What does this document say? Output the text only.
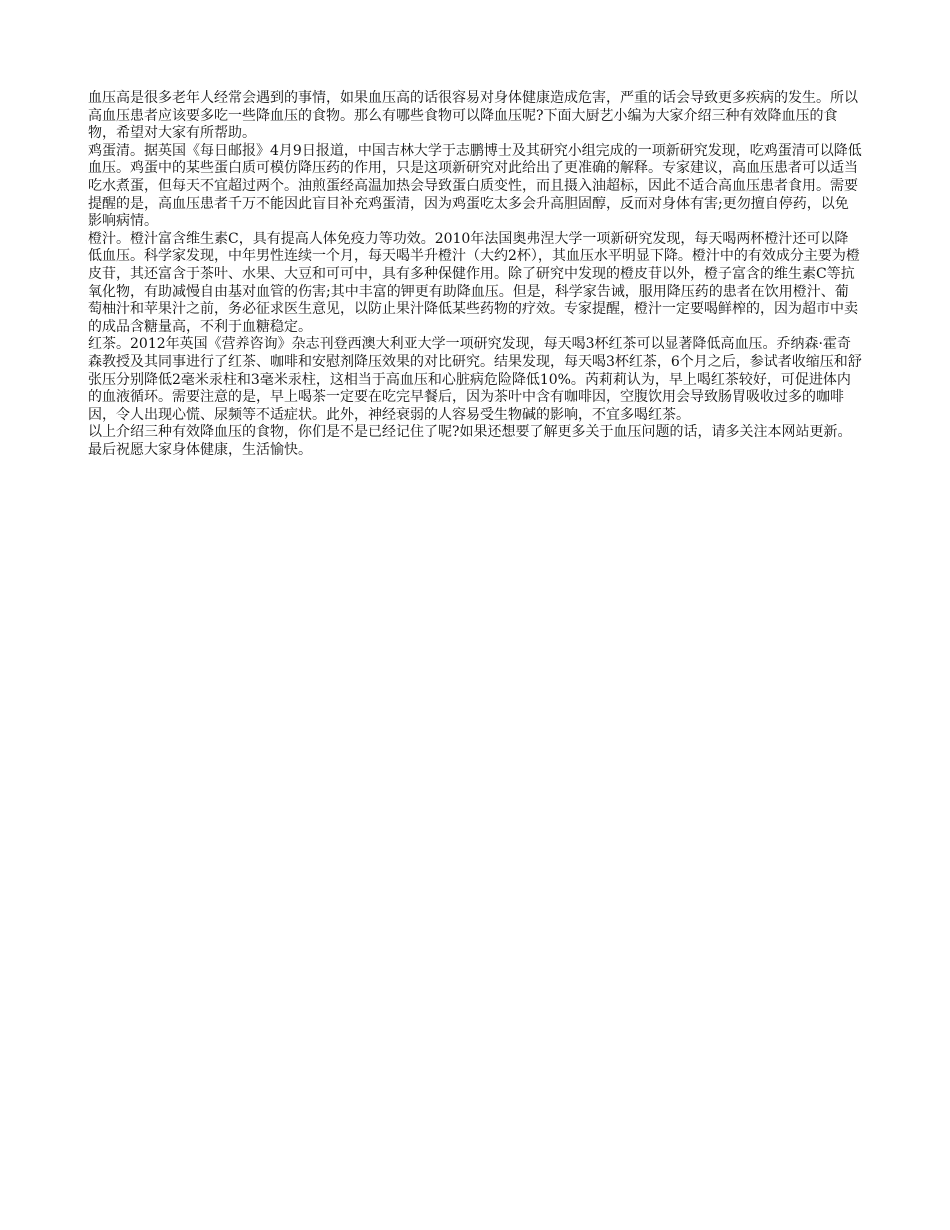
血压高是很多老年人经常会遇到的事情，如果血压高的话很容易对身体健康造成危害，严重的话会导致更多疾病的发生。所以高血压患者应该要多吃一些降血压的食物。那么有哪些食物可以降血压呢?下面大厨艺小编为大家介绍三种有效降血压的食物，希望对大家有所帮助。

鸡蛋清。据英国《每日邮报》4月9日报道，中国吉林大学于志鹏博士及其研究小组完成的一项新研究发现，吃鸡蛋清可以降低血压。鸡蛋中的某些蛋白质可模仿降压药的作用，只是这项新研究对此给出了更准确的解释。专家建议，高血压患者可以适当吃水煮蛋，但每天不宜超过两个。油煎蛋经高温加热会导致蛋白质变性，而且摄入油超标，因此不适合高血压患者食用。需要提醒的是，高血压患者千万不能因此盲目补充鸡蛋清，因为鸡蛋吃太多会升高胆固醇，反而对身体有害;更勿擅自停药，以免影响病情。

橙汁。橙汁富含维生素C，具有提高人体免疫力等功效。2010年法国奥弗涅大学一项新研究发现，每天喝两杯橙汁还可以降低血压。科学家发现，中年男性连续一个月，每天喝半升橙汁（大约2杯），其血压水平明显下降。橙汁中的有效成分主要为橙皮苷，其还富含于茶叶、水果、大豆和可可中，具有多种保健作用。除了研究中发现的橙皮苷以外，橙子富含的维生素C等抗氧化物，有助减慢自由基对血管的伤害;其中丰富的钾更有助降血压。但是，科学家告诫，服用降压药的患者在饮用橙汁、葡萄柚汁和苹果汁之前，务必征求医生意见，以防止果汁降低某些药物的疗效。专家提醒，橙汁一定要喝鲜榨的，因为超市中卖的成品含糖量高，不利于血糖稳定。

红茶。2012年英国《营养咨询》杂志刊登西澳大利亚大学一项研究发现，每天喝3杯红茶可以显著降低高血压。乔纳森·霍奇森教授及其同事进行了红茶、咖啡和安慰剂降压效果的对比研究。结果发现，每天喝3杯红茶，6个月之后，参试者收缩压和舒张压分别降低2毫米汞柱和3毫米汞柱，这相当于高血压和心脏病危险降低10%。芮莉莉认为，早上喝红茶较好，可促进体内的血液循环。需要注意的是，早上喝茶一定要在吃完早餐后，因为茶叶中含有咖啡因，空腹饮用会导致肠胃吸收过多的咖啡因，令人出现心慌、尿频等不适症状。此外，神经衰弱的人容易受生物碱的影响，不宜多喝红茶。

以上介绍三种有效降血压的食物，你们是不是已经记住了呢?如果还想要了解更多关于血压问题的话，请多关注本网站更新。最后祝愿大家身体健康，生活愉快。
